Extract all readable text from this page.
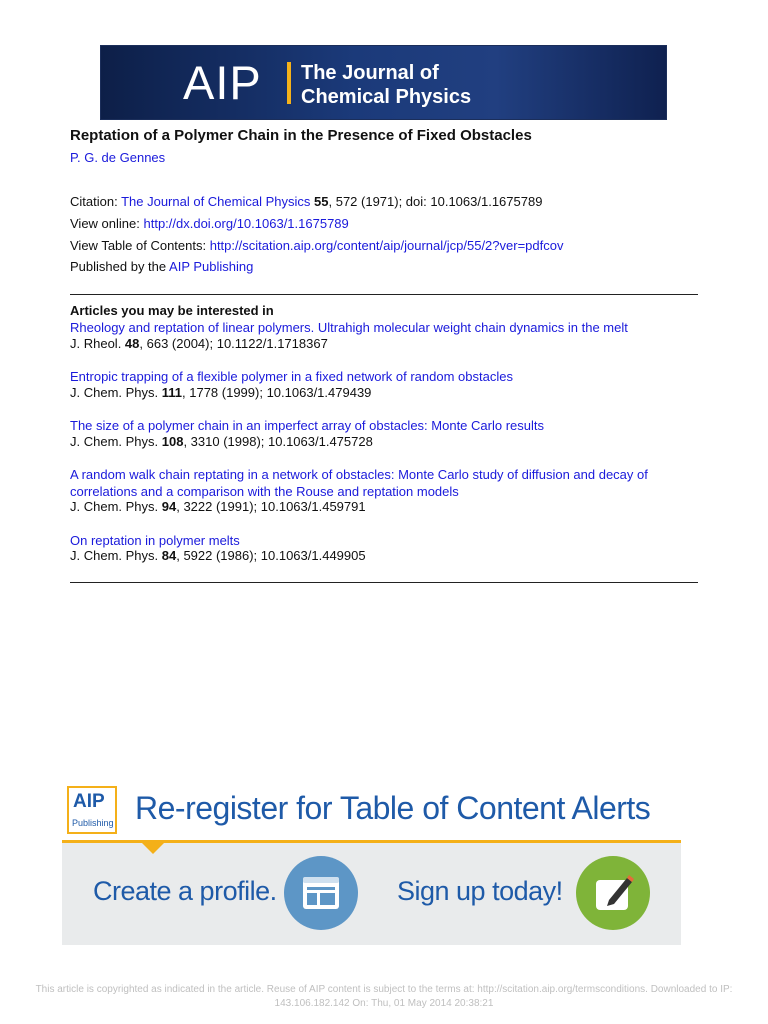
AIP The Journal of
Chemical Physics
Reptation of a Polymer Chain in the Presence of Fixed Obstacles
P. G. de Gennes
Citation: The Journal of Chemical Physics 55, 572 (1971); doi: 10.1063/1.1675789
View online: http://dx.doi.org/10.1063/1.1675789
View Table of Contents: http://scitation.aip.org/content/aip/journal/jcp/55/2?ver=pdfcov
Published by the AIP Publishing
Articles you may be interested in
Rheology and reptation of linear polymers. Ultrahigh molecular weight chain dynamics in the melt
J. Rheol. 48, 663 (2004); 10.1122/1.1718367
Entropic trapping of a flexible polymer in a fixed network of random obstacles
J. Chem. Phys. 111, 1778 (1999); 10.1063/1.479439
The size of a polymer chain in an imperfect array of obstacles: Monte Carlo results
J. Chem. Phys. 108, 3310 (1998); 10.1063/1.475728
A random walk chain reptating in a network of obstacles: Monte Carlo study of diffusion and decay of correlations and a comparison with the Rouse and reptation models
J. Chem. Phys. 94, 3222 (1991); 10.1063/1.459791
On reptation in polymer melts
J. Chem. Phys. 84, 5922 (1986); 10.1063/1.449905
AIP
Publishing Re-register for Table of Content Alerts
Create a profile.	Sign up today!
This article is copyrighted as indicated in the article. Reuse of AIP content is subject to the terms at: http://scitation.aip.org/termsconditions. Downloaded to IP:
143.106.182.142 On: Thu, 01 May 2014 20:38:21
